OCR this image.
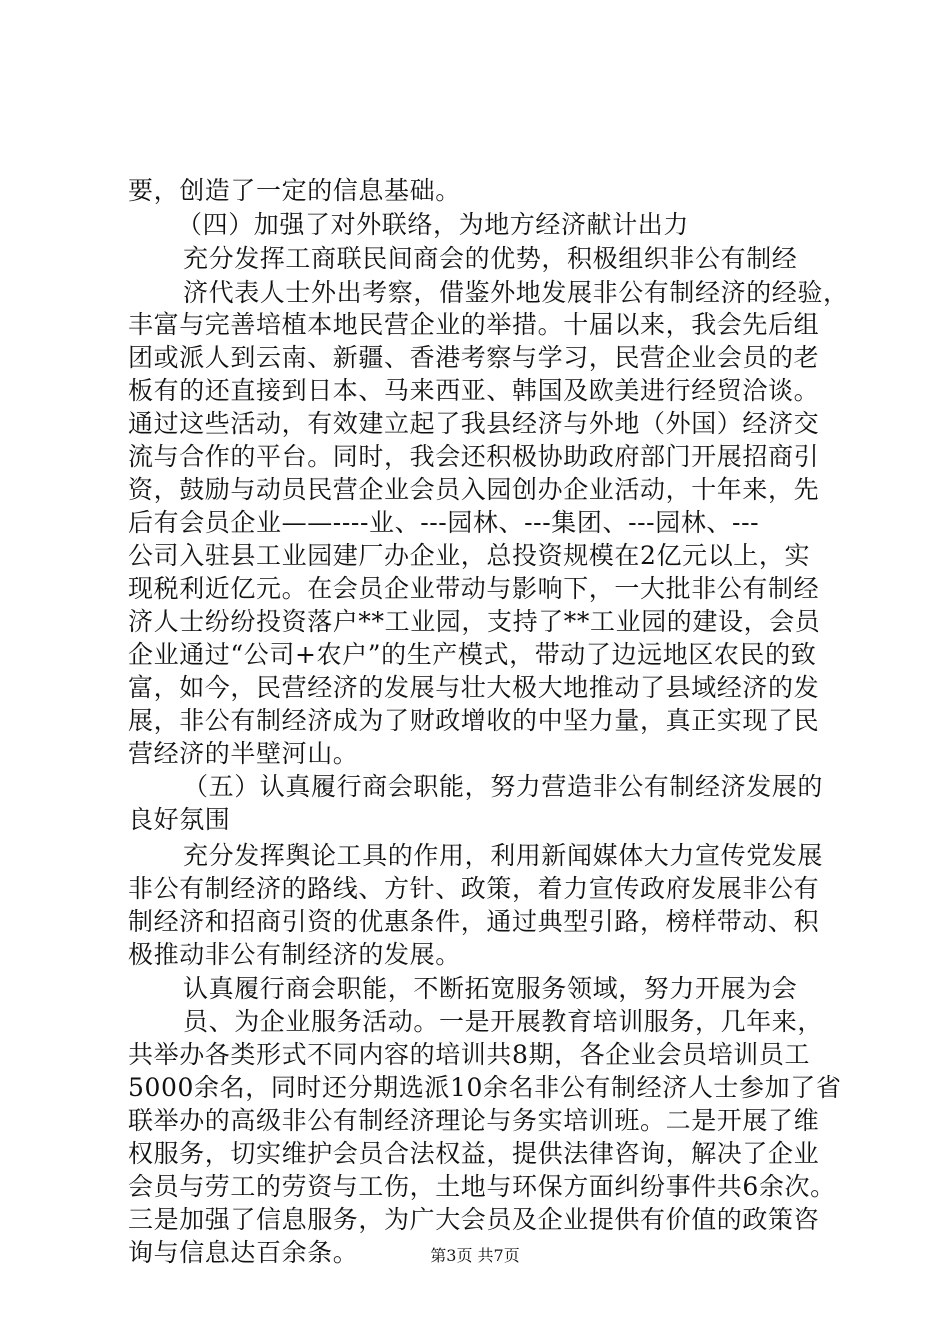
要，创造了一定的信息基础。
（四）加强了对外联络，为地方经济献计出力
充分发挥工商联民间商会的优势，积极组织非公有制经
济代表人士外出考察，借鉴外地发展非公有制经济的经验，
丰富与完善培植本地民营企业的举措。十届以来，我会先后组
团或派人到云南、新疆、香港考察与学习，民营企业会员的老
板有的还直接到日本、马来西亚、韩国及欧美进行经贸洽谈。
通过这些活动，有效建立起了我县经济与外地（外国）经济交
流与合作的平台。同时，我会还积极协助政府部门开展招商引
资，鼓励与动员民营企业会员入园创办企业活动，十年来，先
后有会员企业——----业、---园林、---集团、---园林、---
公司入驻县工业园建厂办企业，总投资规模在2亿元以上，实
现税利近亿元。在会员企业带动与影响下，一大批非公有制经
济人士纷纷投资落户**工业园，支持了**工业园的建设，会员
企业通过“公司+农户”的生产模式，带动了边远地区农民的致
富，如今，民营经济的发展与壮大极大地推动了县域经济的发
展，非公有制经济成为了财政增收的中坚力量，真正实现了民
营经济的半壁河山。
（五）认真履行商会职能，努力营造非公有制经济发展的
良好氛围
充分发挥舆论工具的作用，利用新闻媒体大力宣传党发展
非公有制经济的路线、方针、政策，着力宣传政府发展非公有
制经济和招商引资的优惠条件，通过典型引路，榜样带动、积
极推动非公有制经济的发展。
认真履行商会职能，不断拓宽服务领域，努力开展为会
员、为企业服务活动。一是开展教育培训服务，几年来，
共举办各类形式不同内容的培训共8期，各企业会员培训员工
5000余名，同时还分期选派10余名非公有制经济人士参加了省
联举办的高级非公有制经济理论与务实培训班。二是开展了维
权服务，切实维护会员合法权益，提供法律咨询，解决了企业
会员与劳工的劳资与工伤，土地与环保方面纠纷事件共6余次。
三是加强了信息服务，为广大会员及企业提供有价值的政策咨
询与信息达百余条。	第3页 共7页
